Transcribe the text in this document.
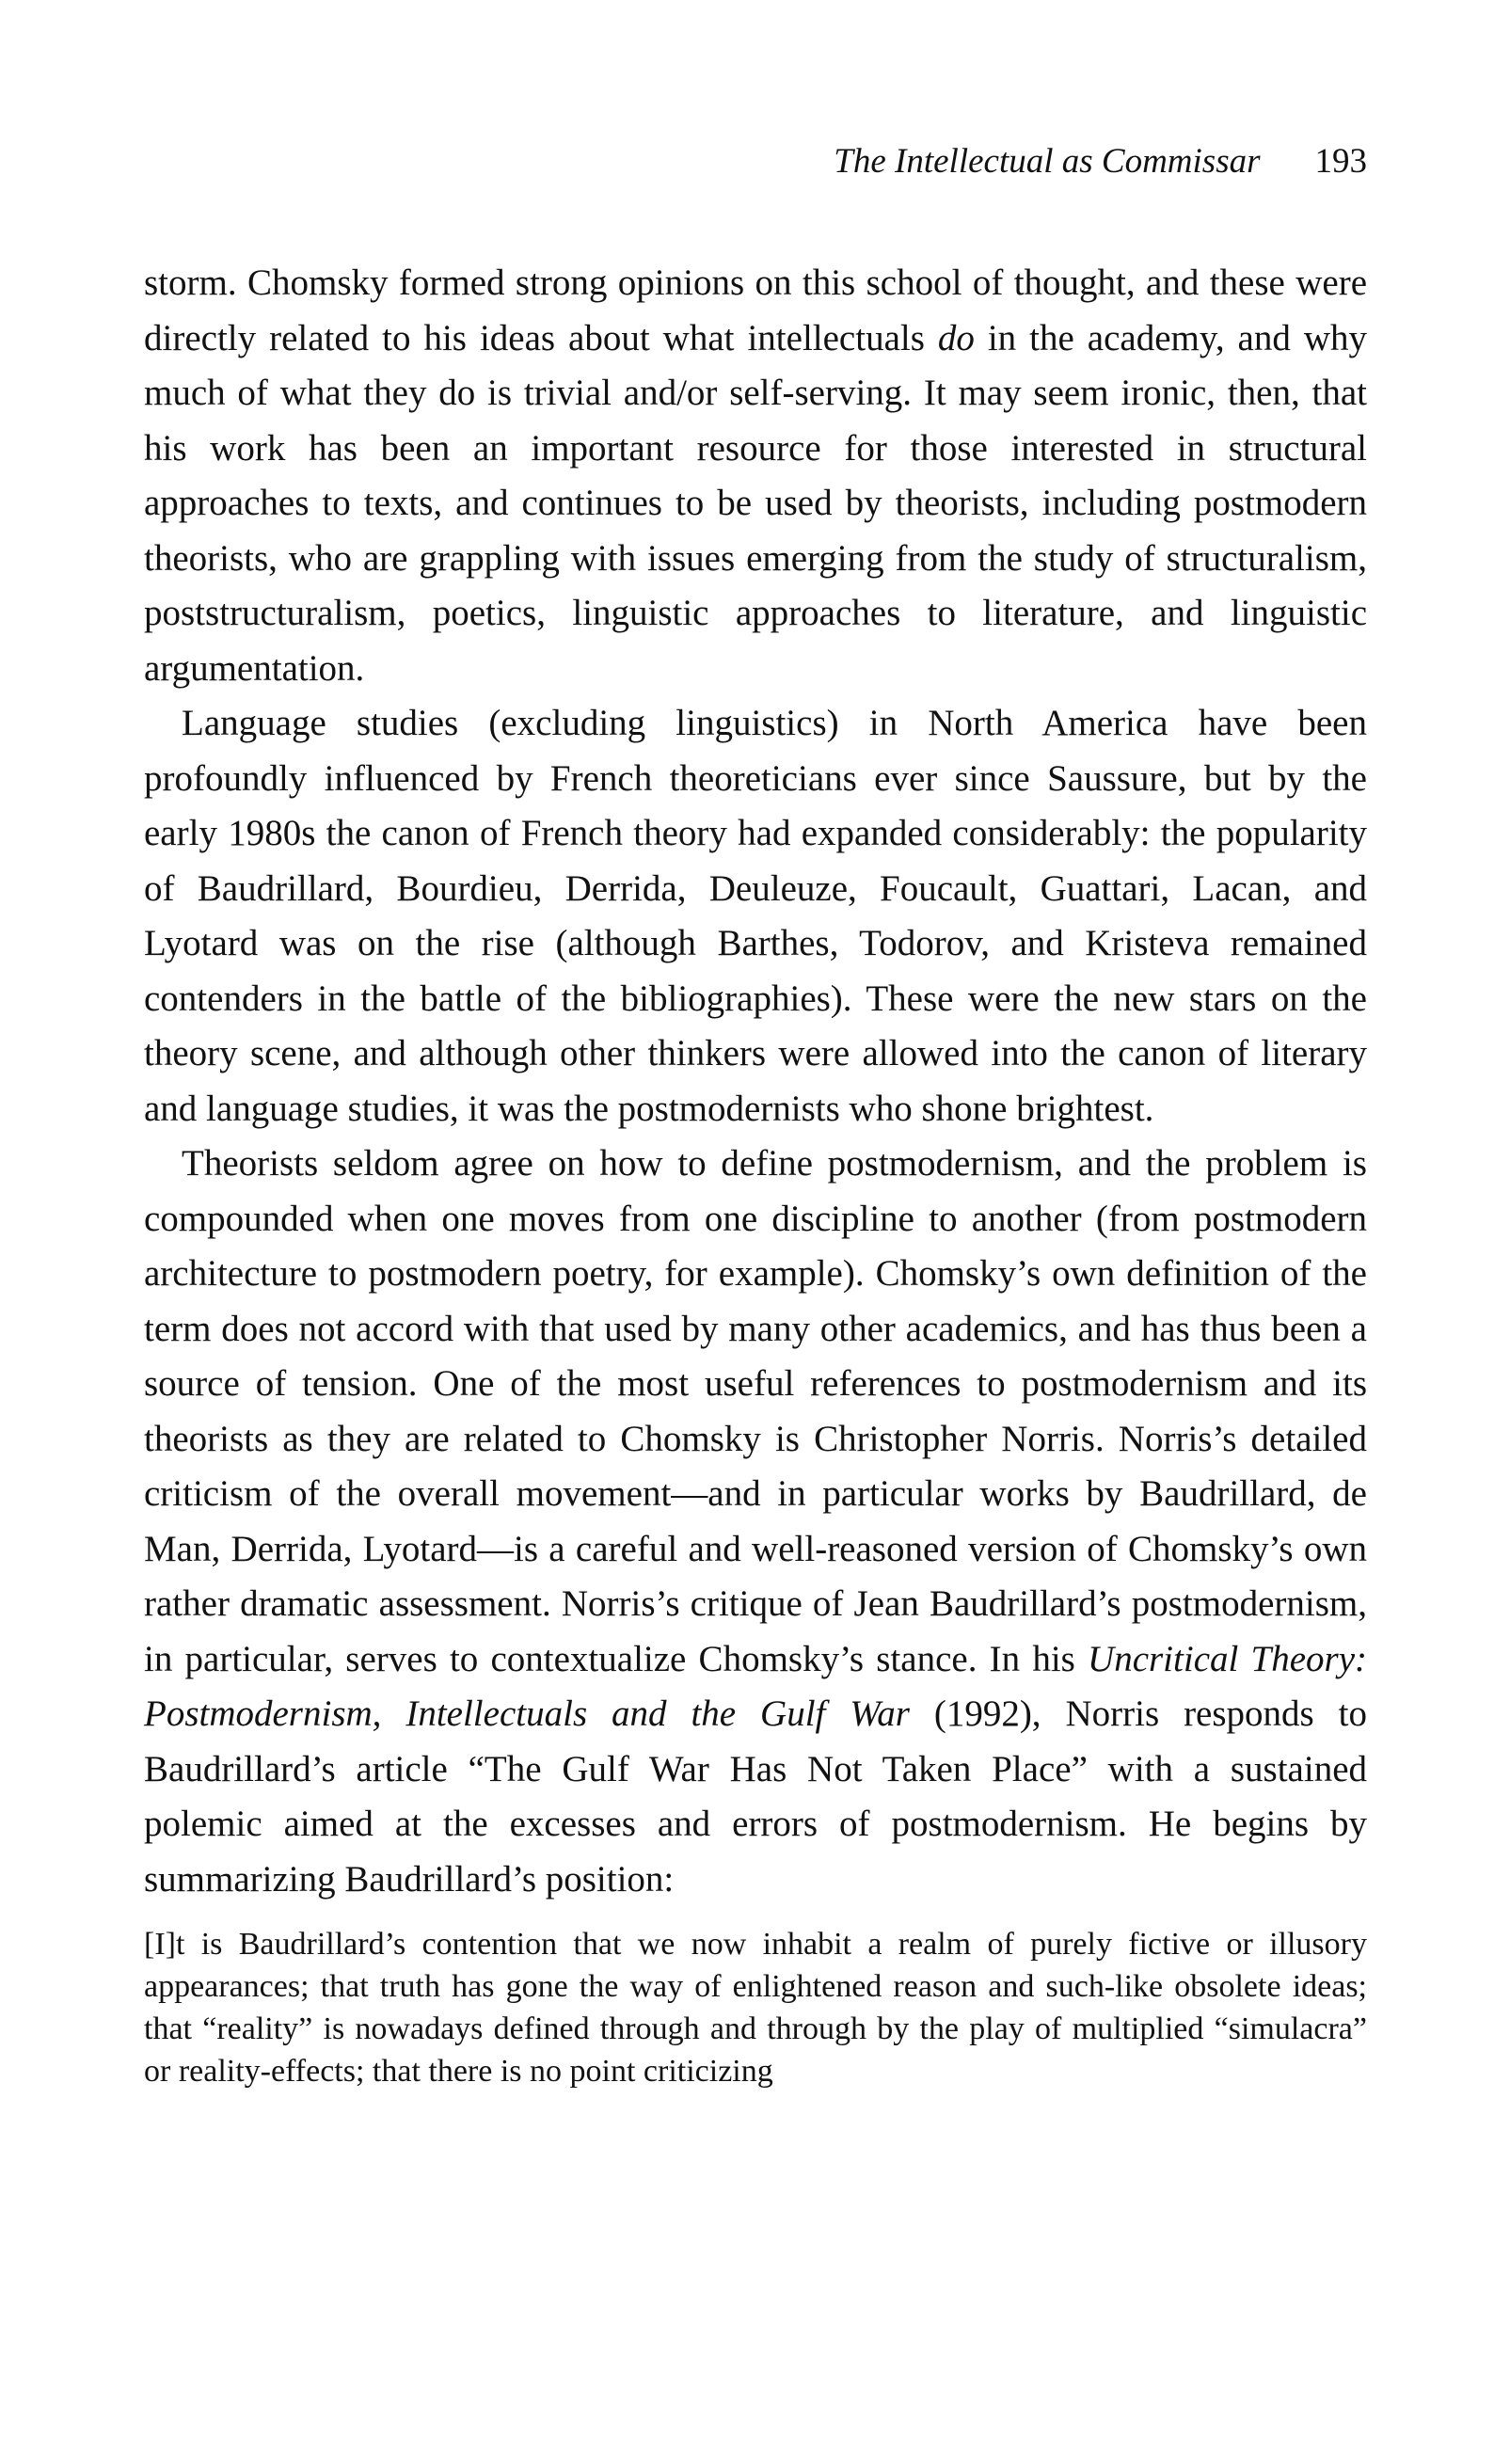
The Intellectual as Commissar 193

storm. Chomsky formed strong opinions on this school of thought, and these were directly related to his ideas about what intellectuals do in the academy, and why much of what they do is trivial and/or self-serving. It may seem ironic, then, that his work has been an important resource for those interested in structural approaches to texts, and continues to be used by theorists, including postmodern theorists, who are grappling with issues emerging from the study of structuralism, poststructuralism, poetics, linguistic approaches to literature, and linguistic argumentation.

Language studies (excluding linguistics) in North America have been profoundly influenced by French theoreticians ever since Saussure, but by the early 1980s the canon of French theory had expanded considerably: the popularity of Baudrillard, Bourdieu, Derrida, Deuleuze, Foucault, Guattari, Lacan, and Lyotard was on the rise (although Barthes, Todorov, and Kristeva remained contenders in the battle of the bibliographies). These were the new stars on the theory scene, and although other thinkers were allowed into the canon of literary and language studies, it was the postmodernists who shone brightest.

Theorists seldom agree on how to define postmodernism, and the problem is compounded when one moves from one discipline to another (from postmodern architecture to postmodern poetry, for example). Chomsky’s own definition of the term does not accord with that used by many other academics, and has thus been a source of tension. One of the most useful references to postmodernism and its theorists as they are related to Chomsky is Christopher Norris. Norris’s detailed criticism of the overall movement—and in particular works by Baudrillard, de Man, Derrida, Lyotard—is a careful and well-reasoned version of Chomsky’s own rather dramatic assessment. Norris’s critique of Jean Baudrillard’s postmodernism, in particular, serves to contextualize Chomsky’s stance. In his Uncritical Theory: Postmodernism, Intellectuals and the Gulf War (1992), Norris responds to Baudrillard’s article “The Gulf War Has Not Taken Place” with a sustained polemic aimed at the excesses and errors of postmodernism. He begins by summarizing Baudrillard’s position:

[I]t is Baudrillard’s contention that we now inhabit a realm of purely fictive or illusory appearances; that truth has gone the way of enlightened reason and such-like obsolete ideas; that “reality” is nowadays defined through and through by the play of multiplied “simulacra” or reality-effects; that there is no point criticizing
